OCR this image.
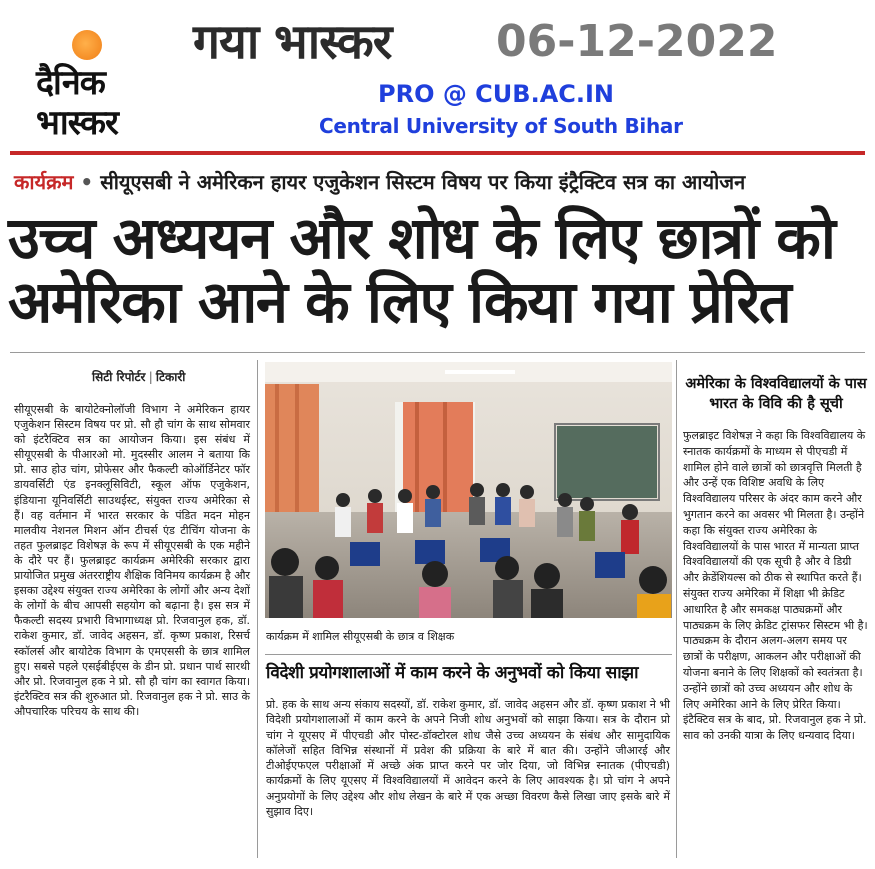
दैनिक
भास्कर
गया भास्कर 06-12-2022
PRO @ CUB.AC.IN
Central University of South Bihar
कार्यक्रम • सीयूएसबी ने अमेरिकन हायर एजुकेशन सिस्टम विषय पर किया इंट्रैक्टिव सत्र का आयोजन
उच्च अध्ययन और शोध के लिए छात्रों को अमेरिका आने के लिए किया गया प्रेरित
सिटी रिपोर्टर | टिकारी
सीयूएसबी के बायोटेक्नोलॉजी विभाग ने अमेरिकन हायर एजुकेशन सिस्टम विषय पर प्रो. सौ हौ चांग के साथ सोमवार को इंटरैक्टिव सत्र का आयोजन किया। इस संबंध में सीयूएसबी के पीआरओ मो. मुदस्सीर आलम ने बताया कि प्रो. साउ होउ चांग, प्रोफेसर और फैकल्टी कोऑर्डिनेटर फॉर डायवर्सिटी एंड इनक्लूसिविटी, स्कूल ऑफ एजुकेशन, इंडियाना यूनिवर्सिटी साउथईस्ट, संयुक्त राज्य अमेरिका से हैं। वह वर्तमान में भारत सरकार के पंडित मदन मोहन मालवीय नेशनल मिशन ऑन टीचर्स एंड टीचिंग योजना के तहत फुलब्राइट विशेषज्ञ के रूप में सीयूएसबी के एक महीने के दौरे पर हैं। फुलब्राइट कार्यक्रम अमेरिकी सरकार द्वारा प्रायोजित प्रमुख अंतरराष्ट्रीय शैक्षिक विनिमय कार्यक्रम है और इसका उद्देश्य संयुक्त राज्य अमेरिका के लोगों और अन्य देशों के लोगों के बीच आपसी सहयोग को बढ़ाना है। इस सत्र में फैकल्टी सदस्य प्रभारी विभागाध्यक्ष प्रो. रिजवानुल हक, डॉ. राकेश कुमार, डॉ. जावेद अहसन, डॉ. कृष्ण प्रकाश, रिसर्च स्कॉलर्स और बायोटेक विभाग के एमएससी के छात्र शामिल हुए। सबसे पहले एसईबीईएस के डीन प्रो. प्रधान पार्थ सारथी और प्रो. रिजवानुल हक ने प्रो. सौ हौ चांग का स्वागत किया। इंटरैक्टिव सत्र की शुरुआत प्रो. रिजवानुल हक ने प्रो. साउ के औपचारिक परिचय के साथ की।
कार्यक्रम में शामिल सीयूएसबी के छात्र व शिक्षक
विदेशी प्रयोगशालाओं में काम करने के अनुभवों को किया साझा
प्रो. हक के साथ अन्य संकाय सदस्यों, डॉ. राकेश कुमार, डॉ. जावेद अहसन और डॉ. कृष्ण प्रकाश ने भी विदेशी प्रयोगशालाओं में काम करने के अपने निजी शोध अनुभवों को साझा किया। सत्र के दौरान प्रो चांग ने यूएसए में पीएचडी और पोस्ट-डॉक्टोरल शोध जैसे उच्च अध्ययन के संबंध और सामुदायिक कॉलेजों सहित विभिन्न संस्थानों में प्रवेश की प्रक्रिया के बारे में बात की। उन्होंने जीआरई और टीओईएफएल परीक्षाओं में अच्छे अंक प्राप्त करने पर जोर दिया, जो विभिन्न स्नातक (पीएचडी) कार्यक्रमों के लिए यूएसए में विश्वविद्यालयों में आवेदन करने के लिए आवश्यक है। प्रो चांग ने अपने अनुप्रयोगों के लिए उद्देश्य और शोध लेखन के बारे में एक अच्छा विवरण कैसे लिखा जाए इसके बारे में सुझाव दिए।
अमेरिका के विश्वविद्यालयों के पास भारत के विवि की है सूची
फुलब्राइट विशेषज्ञ ने कहा कि विश्वविद्यालय के स्नातक कार्यक्रमों के माध्यम से पीएचडी में शामिल होने वाले छात्रों को छात्रवृत्ति मिलती है और उन्हें एक विशिष्ट अवधि के लिए विश्वविद्यालय परिसर के अंदर काम करने और भुगतान करने का अवसर भी मिलता है। उन्होंने कहा कि संयुक्त राज्य अमेरिका के विश्वविद्यालयों के पास भारत में मान्यता प्राप्त विश्वविद्यालयों की एक सूची है और वे डिग्री और क्रेडेंशियल्स को ठीक से स्थापित करते हैं। संयुक्त राज्य अमेरिका में शिक्षा भी क्रेडिट आधारित है और समकक्ष पाठ्यक्रमों और पाठ्यक्रम के लिए क्रेडिट ट्रांसफर सिस्टम भी है। पाठ्यक्रम के दौरान अलग-अलग समय पर छात्रों के परीक्षण, आकलन और परीक्षाओं की योजना बनाने के लिए शिक्षकों को स्वतंत्रता है। उन्होंने छात्रों को उच्च अध्ययन और शोध के लिए अमेरिका आने के लिए प्रेरित किया। इंटैक्टिव सत्र के बाद, प्रो. रिजवानुल हक ने प्रो. साव को उनकी यात्रा के लिए धन्यवाद दिया।
